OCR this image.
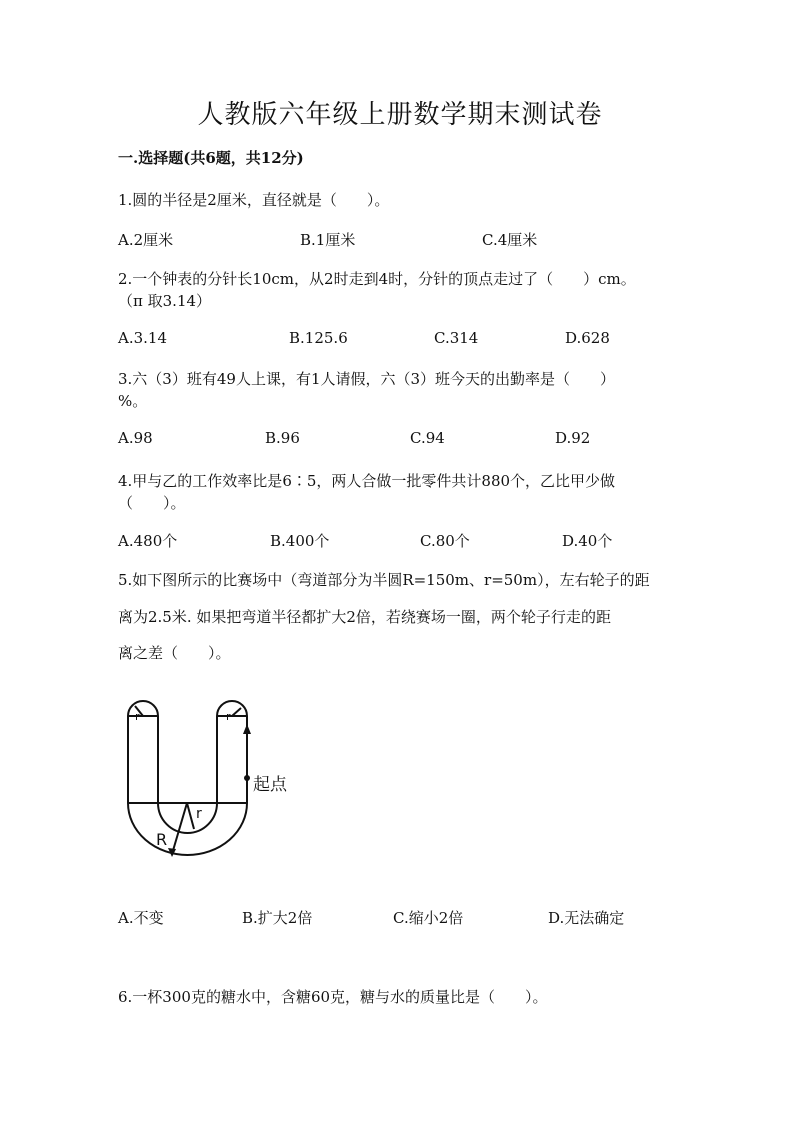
人教版六年级上册数学期末测试卷
一.选择题(共6题，共12分)
1.圆的半径是2厘米，直径就是（　　）。
A.2厘米	B.1厘米	C.4厘米
2.一个钟表的分针长10cm，从2时走到4时，分针的顶点走过了（　　）cm。
（π 取3.14）
A.3.14	B.125.6	C.314	D.628
3.六（3）班有49人上课，有1人请假，六（3）班今天的出勤率是（　　）
%。
A.98	B.96	C.94	D.92
4.甲与乙的工作效率比是6∶5，两人合做一批零件共计880个，乙比甲少做
（　　）。
A.480个	B.400个	C.80个	D.40个
5.如下图所示的比赛场中（弯道部分为半圆R=150m、r=50m），左右轮子的距
离为2.5米. 如果把弯道半径都扩大2倍，若绕赛场一圈，两个轮子行走的距
离之差（　　）。
r	r
起点
R
r
A.不变	B.扩大2倍	C.缩小2倍	D.无法确定
6.一杯300克的糖水中，含糖60克，糖与水的质量比是（　　）。
